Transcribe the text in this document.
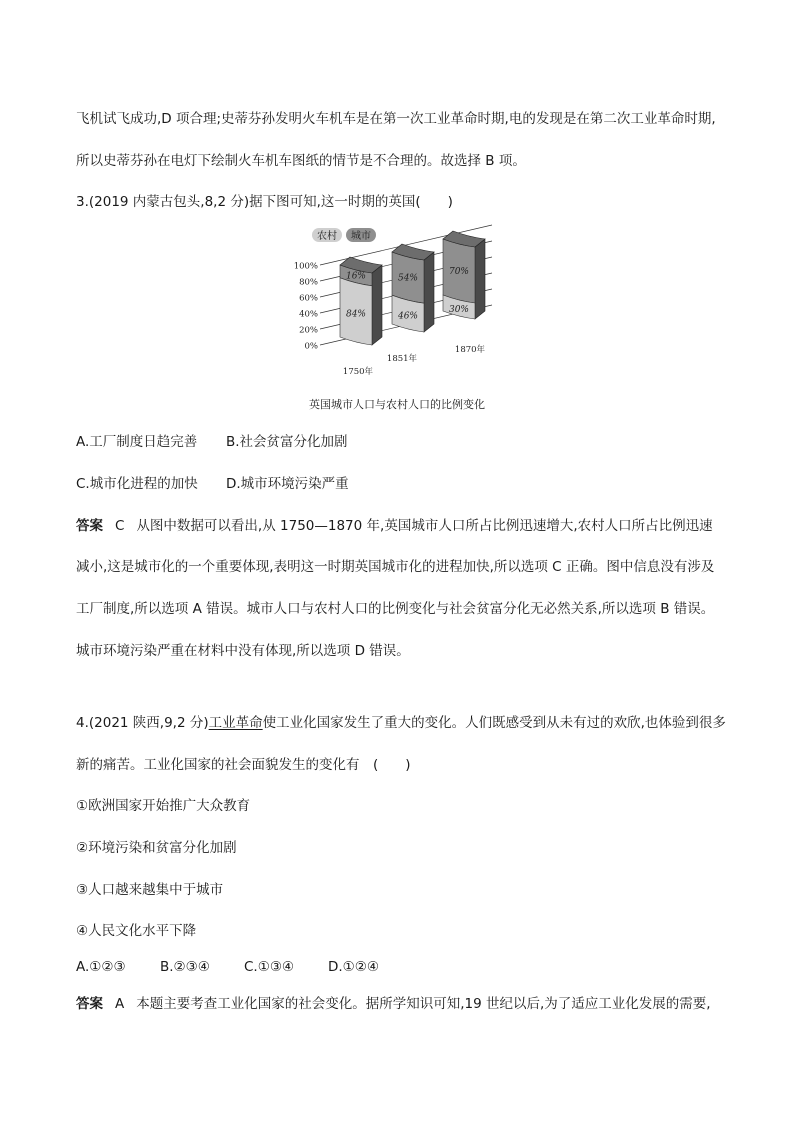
飞机试飞成功,D 项合理;史蒂芬孙发明火车机车是在第一次工业革命时期,电的发现是在第二次工业革命时期,
所以史蒂芬孙在电灯下绘制火车机车图纸的情节是不合理的。故选择 B 项。
3.(2019 内蒙古包头,8,2 分)据下图可知,这一时期的英国(　　)
农村 城市
0%
20%
40%
60%
80%
100%
16%
84%
1750年
54%
46%
1851年
70%
30%
1870年
英国城市人口与农村人口的比例变化
A.工厂制度日趋完善 B.社会贫富分化加剧
C.城市化进程的加快 D.城市环境污染严重
答案 C 从图中数据可以看出,从 1750—1870 年,英国城市人口所占比例迅速增大,农村人口所占比例迅速
减小,这是城市化的一个重要体现,表明这一时期英国城市化的进程加快,所以选项 C 正确。图中信息没有涉及
工厂制度,所以选项 A 错误。城市人口与农村人口的比例变化与社会贫富分化无必然关系,所以选项 B 错误。
城市环境污染严重在材料中没有体现,所以选项 D 错误。
4.(2021 陕西,9,2 分)工业革命使工业化国家发生了重大的变化。人们既感受到从未有过的欢欣,也体验到很多
新的痛苦。工业化国家的社会面貌发生的变化有　(　　)
①欧洲国家开始推广大众教育
②环境污染和贫富分化加剧
③人口越来越集中于城市
④人民文化水平下降
A.①②③	B.②③④	C.①③④	D.①②④
答案 A 本题主要考查工业化国家的社会变化。据所学知识可知,19 世纪以后,为了适应工业化发展的需要,
